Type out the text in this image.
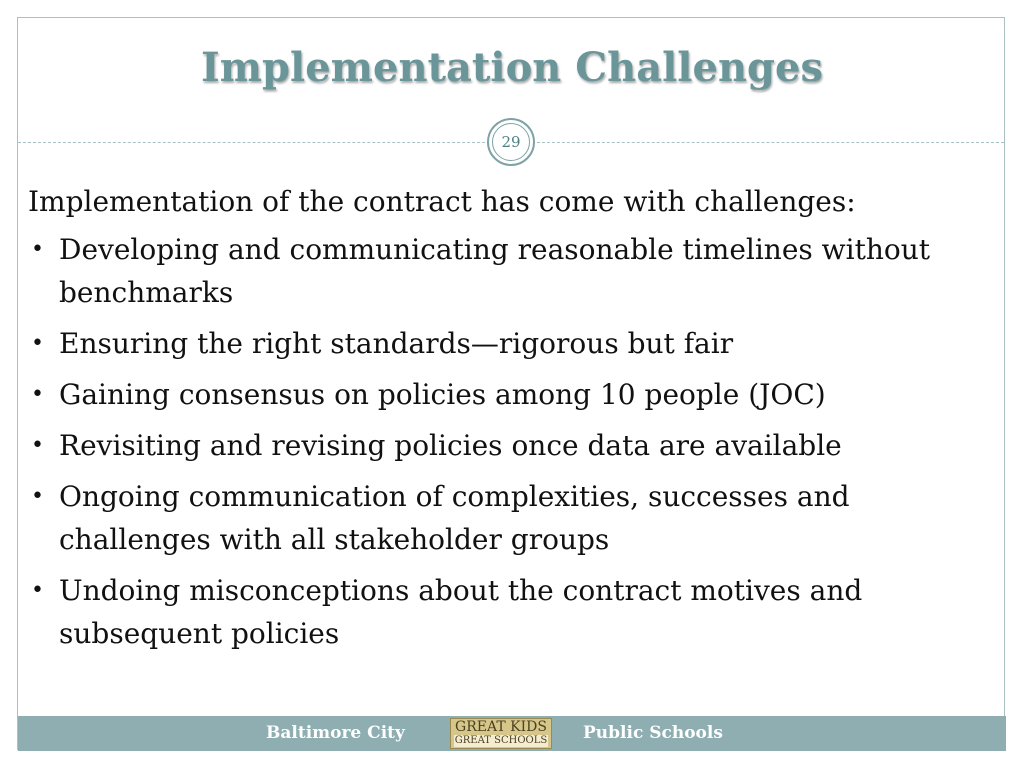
Implementation Challenges
29

Implementation of the contract has come with challenges:

• Developing and communicating reasonable timelines without benchmarks
• Ensuring the right standards—rigorous but fair
• Gaining consensus on policies among 10 people (JOC)
• Revisiting and revising policies once data are available
• Ongoing communication of complexities, successes and challenges with all stakeholder groups
• Undoing misconceptions about the contract motives and subsequent policies
Baltimore City	GREAT KIDS
GREAT SCHOOLS Public Schools
